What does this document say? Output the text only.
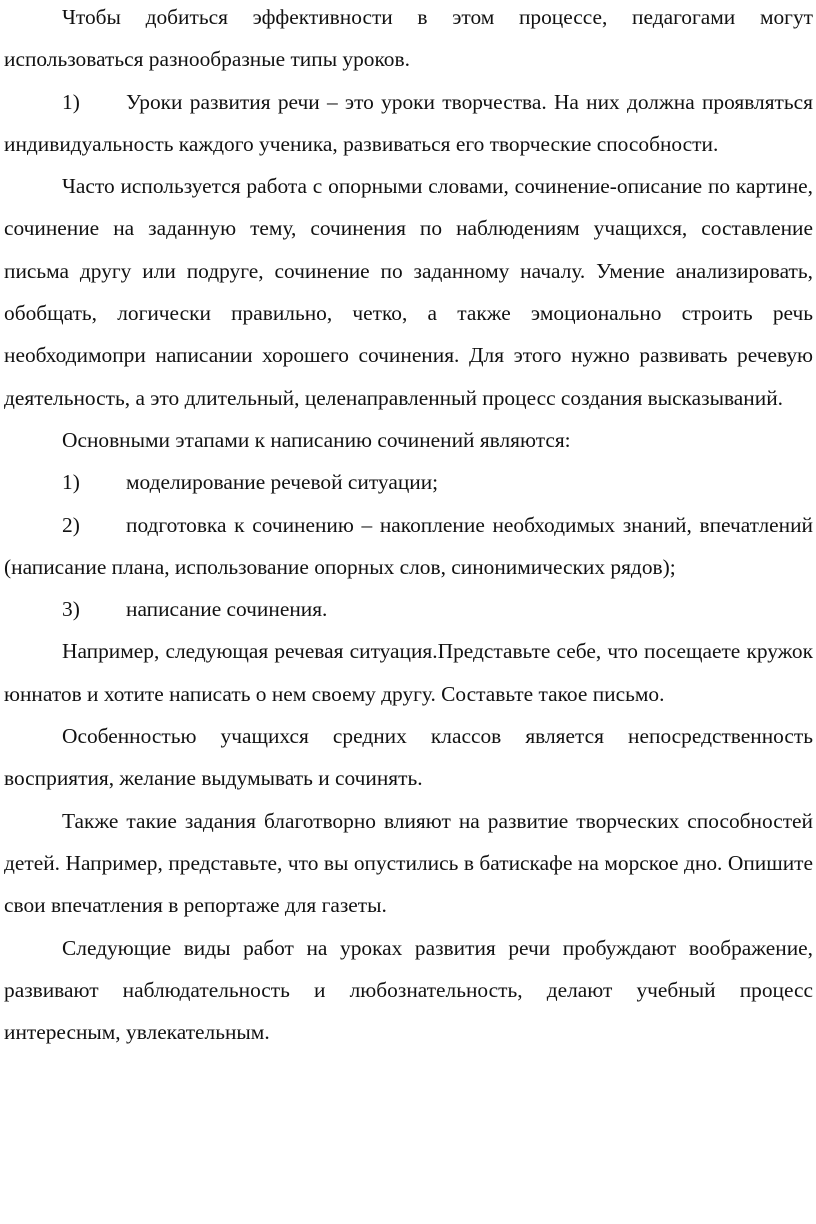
Чтобы добиться эффективности в этом процессе, педагогами могут использоваться разнообразные типы уроков.

1) Уроки развития речи – это уроки творчества. На них должна проявляться индивидуальность каждого ученика, развиваться его творческие способности.

Часто используется работа с опорными словами, сочинение-описание по картине, сочинение на заданную тему, сочинения по наблюдениям учащихся, составление письма другу или подруге, сочинение по заданному началу. Умение анализировать, обобщать, логически правильно, четко, а также эмоционально строить речь необходимопри написании хорошего сочинения. Для этого нужно развивать речевую деятельность, а это длительный, целенаправленный процесс создания высказываний.

Основными этапами к написанию сочинений являются:

1) моделирование речевой ситуации;

2) подготовка к сочинению – накопление необходимых знаний, впечатлений (написание плана, использование опорных слов, синонимических рядов);

3) написание сочинения.

Например, следующая речевая ситуация.Представьте себе, что посещаете кружок юннатов и хотите написать о нем своему другу. Составьте такое письмо.

Особенностью учащихся средних классов является непосредственность восприятия, желание выдумывать и сочинять.

Также такие задания благотворно влияют на развитие творческих способностей детей. Например, представьте, что вы опустились в батискафе на морское дно. Опишите свои впечатления в репортаже для газеты.

Следующие виды работ на уроках развития речи пробуждают воображение, развивают наблюдательность и любознательность, делают учебный процесс интересным, увлекательным.
